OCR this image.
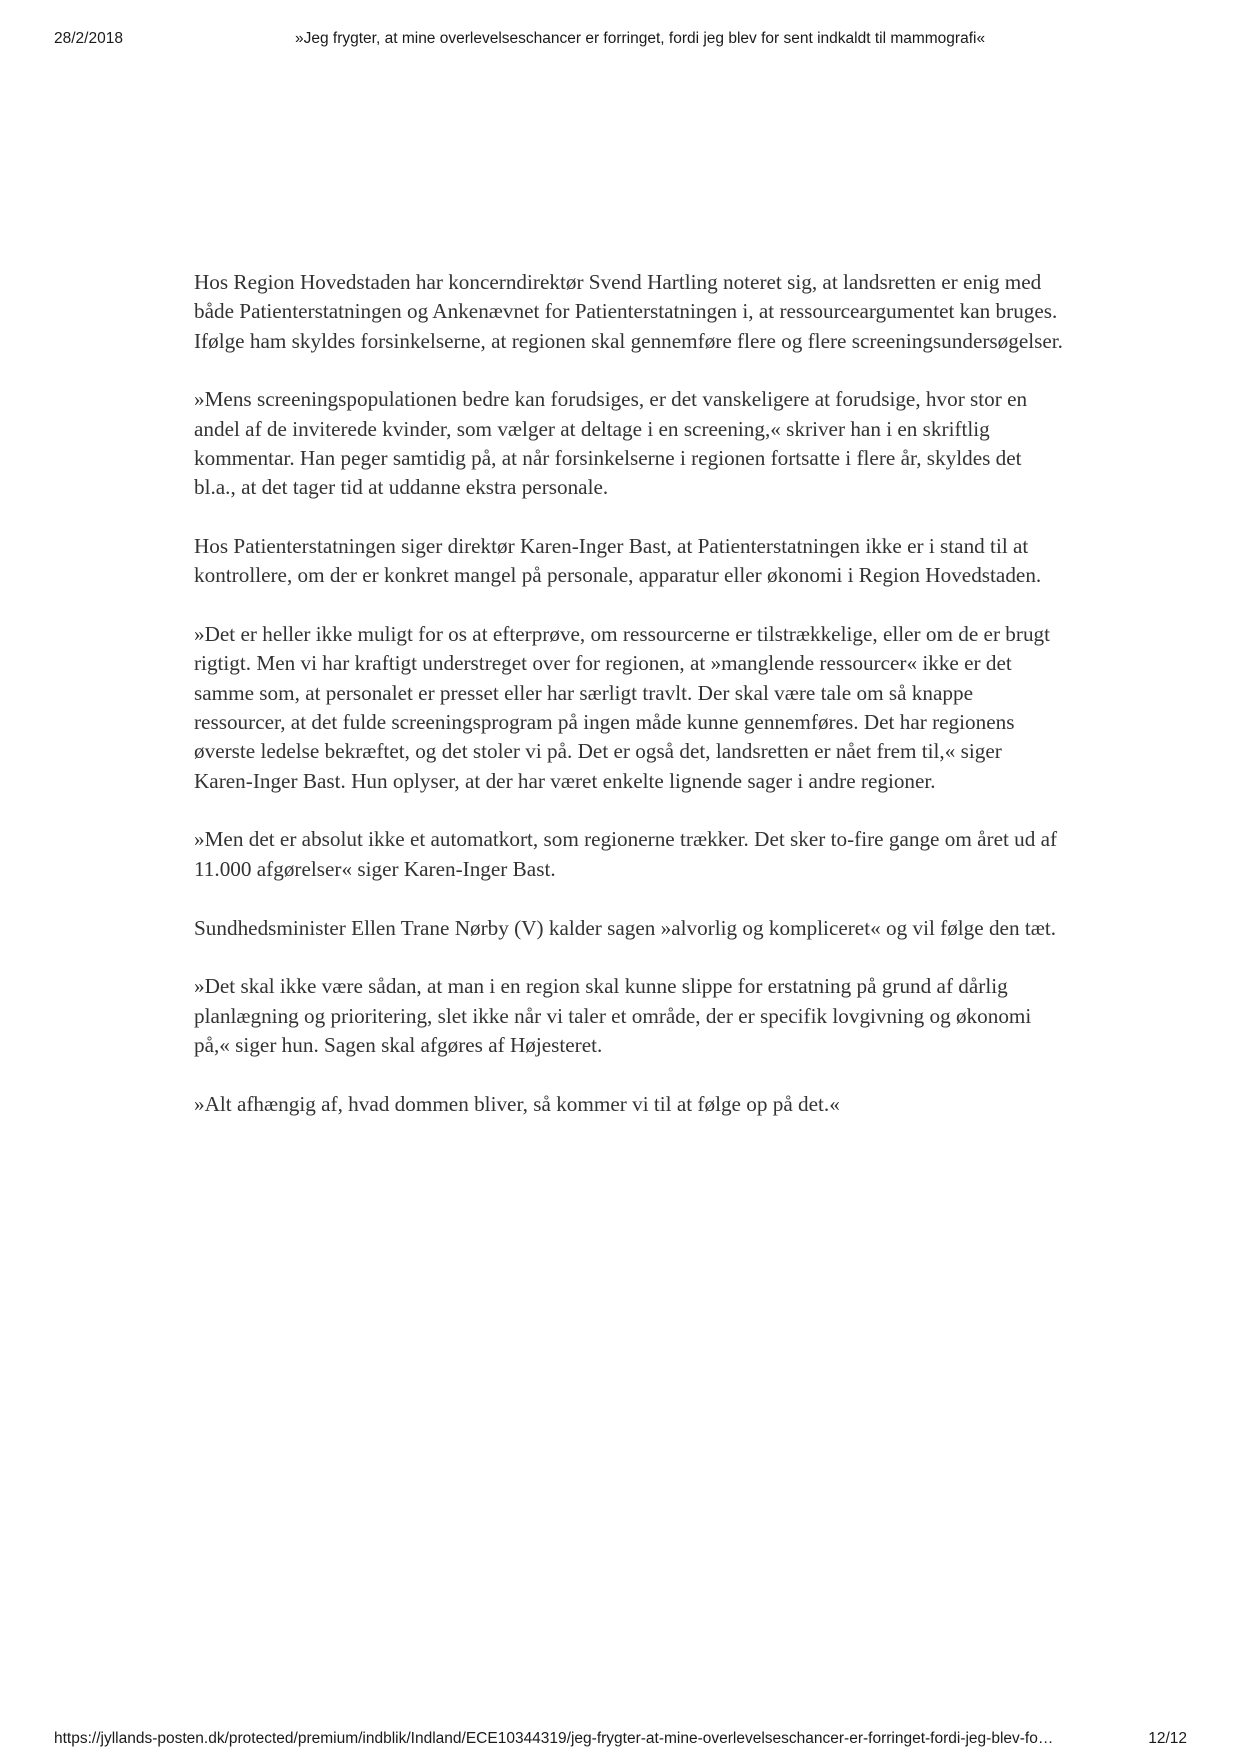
28/2/2018	»Jeg frygter, at mine overlevelseschancer er forringet, fordi jeg blev for sent indkaldt til mammografi«

Hos Region Hovedstaden har koncerndirektør Svend Hartling noteret sig, at landsretten er enig med både Patienterstatningen og Ankenævnet for Patienterstatningen i, at ressourceargumentet kan bruges. Ifølge ham skyldes forsinkelserne, at regionen skal gennemføre flere og flere screeningsundersøgelser.

»Mens screeningspopulationen bedre kan forudsiges, er det vanskeligere at forudsige, hvor stor en andel af de inviterede kvinder, som vælger at deltage i en screening,« skriver han i en skriftlig kommentar. Han peger samtidig på, at når forsinkelserne i regionen fortsatte i flere år, skyldes det bl.a., at det tager tid at uddanne ekstra personale.

Hos Patienterstatningen siger direktør Karen-Inger Bast, at Patienterstatningen ikke er i stand til at kontrollere, om der er konkret mangel på personale, apparatur eller økonomi i Region Hovedstaden.

»Det er heller ikke muligt for os at efterprøve, om ressourcerne er tilstrækkelige, eller om de er brugt rigtigt. Men vi har kraftigt understreget over for regionen, at »manglende ressourcer« ikke er det samme som, at personalet er presset eller har særligt travlt. Der skal være tale om så knappe ressourcer, at det fulde screeningsprogram på ingen måde kunne gennemføres. Det har regionens øverste ledelse bekræftet, og det stoler vi på. Det er også det, landsretten er nået frem til,« siger Karen-Inger Bast. Hun oplyser, at der har været enkelte lignende sager i andre regioner.

»Men det er absolut ikke et automatkort, som regionerne trækker. Det sker to-fire gange om året ud af 11.000 afgørelser« siger Karen-Inger Bast.

Sundhedsminister Ellen Trane Nørby (V) kalder sagen »alvorlig og kompliceret« og vil følge den tæt.

»Det skal ikke være sådan, at man i en region skal kunne slippe for erstatning på grund af dårlig planlægning og prioritering, slet ikke når vi taler et område, der er specifik lovgivning og økonomi på,« siger hun. Sagen skal afgøres af Højesteret.

»Alt afhængig af, hvad dommen bliver, så kommer vi til at følge op på det.«

https://jyllands-posten.dk/protected/premium/indblik/Indland/ECE10344319/jeg-frygter-at-mine-overlevelseschancer-er-forringet-fordi-jeg-blev-fo…	12/12
